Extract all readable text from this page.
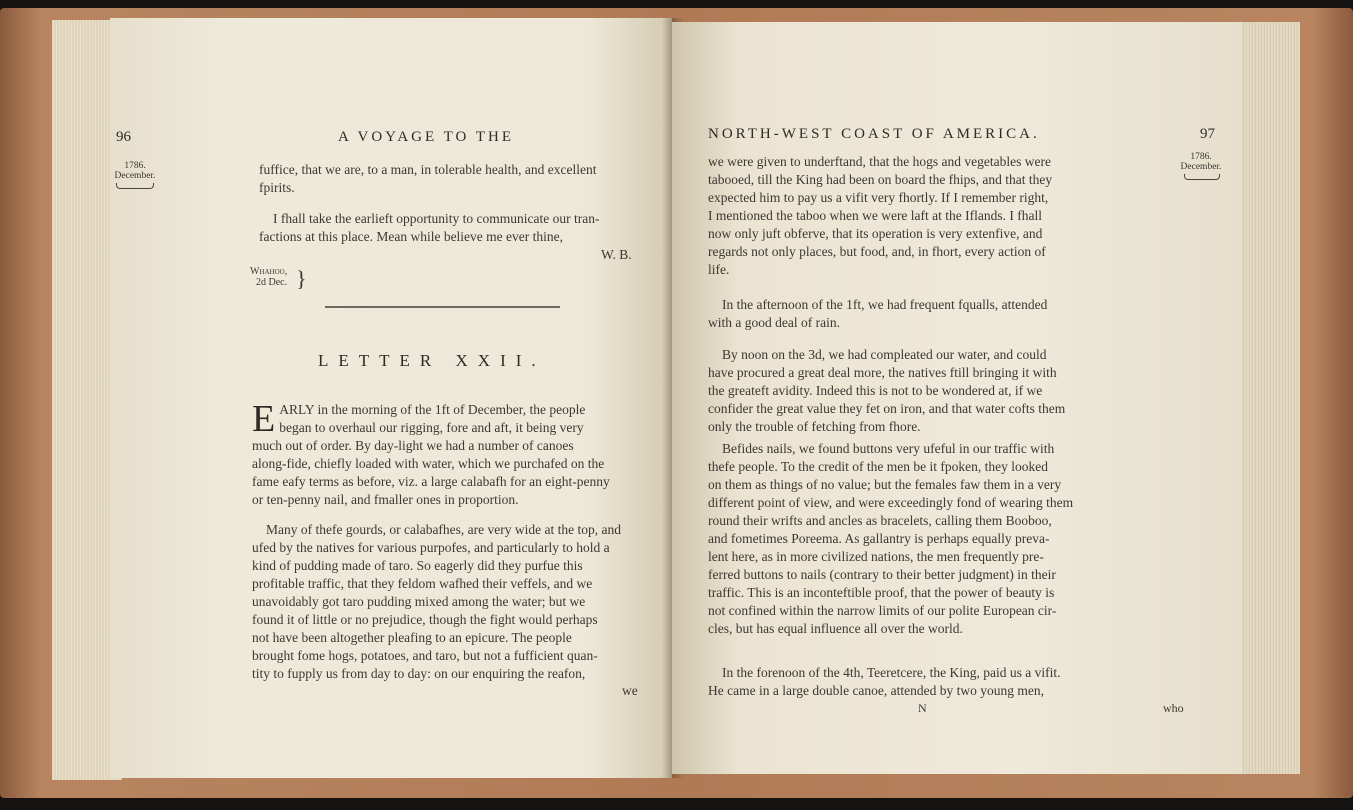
96	A VOYAGE TO THE
1786.
December.	fuffice, that we are, to a man, in tolerable health, and excellent

fpirits.

I fhall take the earlieft opportunity to communicate our tran-

factions at this place. Mean while believe me ever thine,

W. B.
Whahoo,
2d Dec. }
LETTER XXII.
E ARLY in the morning of the 1ft of December, the people

began to overhaul our rigging, fore and aft, it being very

much out of order. By day-light we had a number of canoes

along-fide, chiefly loaded with water, which we purchafed on the

fame eafy terms as before, viz. a large calabafh for an eight-penny

or ten-penny nail, and fmaller ones in proportion.

Many of thefe gourds, or calabafhes, are very wide at the top, and

ufed by the natives for various purpofes, and particularly to hold a

kind of pudding made of taro. So eagerly did they purfue this

profitable traffic, that they feldom wafhed their veffels, and we

unavoidably got taro pudding mixed among the water; but we

found it of little or no prejudice, though the fight would perhaps

not have been altogether pleafing to an epicure. The people

brought fome hogs, potatoes, and taro, but not a fufficient quan-

tity to fupply us from day to day: on our enquiring the reafon,

we
NORTH-WEST COAST OF AMERICA.	97
1786.
December.

we were given to underftand, that the hogs and vegetables were

tabooed, till the King had been on board the fhips, and that they

expected him to pay us a vifit very fhortly. If I remember right,

I mentioned the taboo when we were laft at the Iflands. I fhall

now only juft obferve, that its operation is very extenfive, and

regards not only places, but food, and, in fhort, every action of

life.

In the afternoon of the 1ft, we had frequent fqualls, attended

with a good deal of rain.

By noon on the 3d, we had compleated our water, and could

have procured a great deal more, the natives ftill bringing it with

the greateft avidity. Indeed this is not to be wondered at, if we

confider the great value they fet on iron, and that water cofts them

only the trouble of fetching from fhore.

Befides nails, we found buttons very ufeful in our traffic with

thefe people. To the credit of the men be it fpoken, they looked

on them as things of no value; but the females faw them in a very

different point of view, and were exceedingly fond of wearing them

round their wrifts and ancles as bracelets, calling them Booboo,

and fometimes Poreema. As gallantry is perhaps equally preva-

lent here, as in more civilized nations, the men frequently pre-

ferred buttons to nails (contrary to their better judgment) in their

traffic. This is an inconteftible proof, that the power of beauty is

not confined within the narrow limits of our polite European cir-

cles, but has equal influence all over the world.

In the forenoon of the 4th, Teeretcere, the King, paid us a vifit.

He came in a large double canoe, attended by two young men,

N	who
